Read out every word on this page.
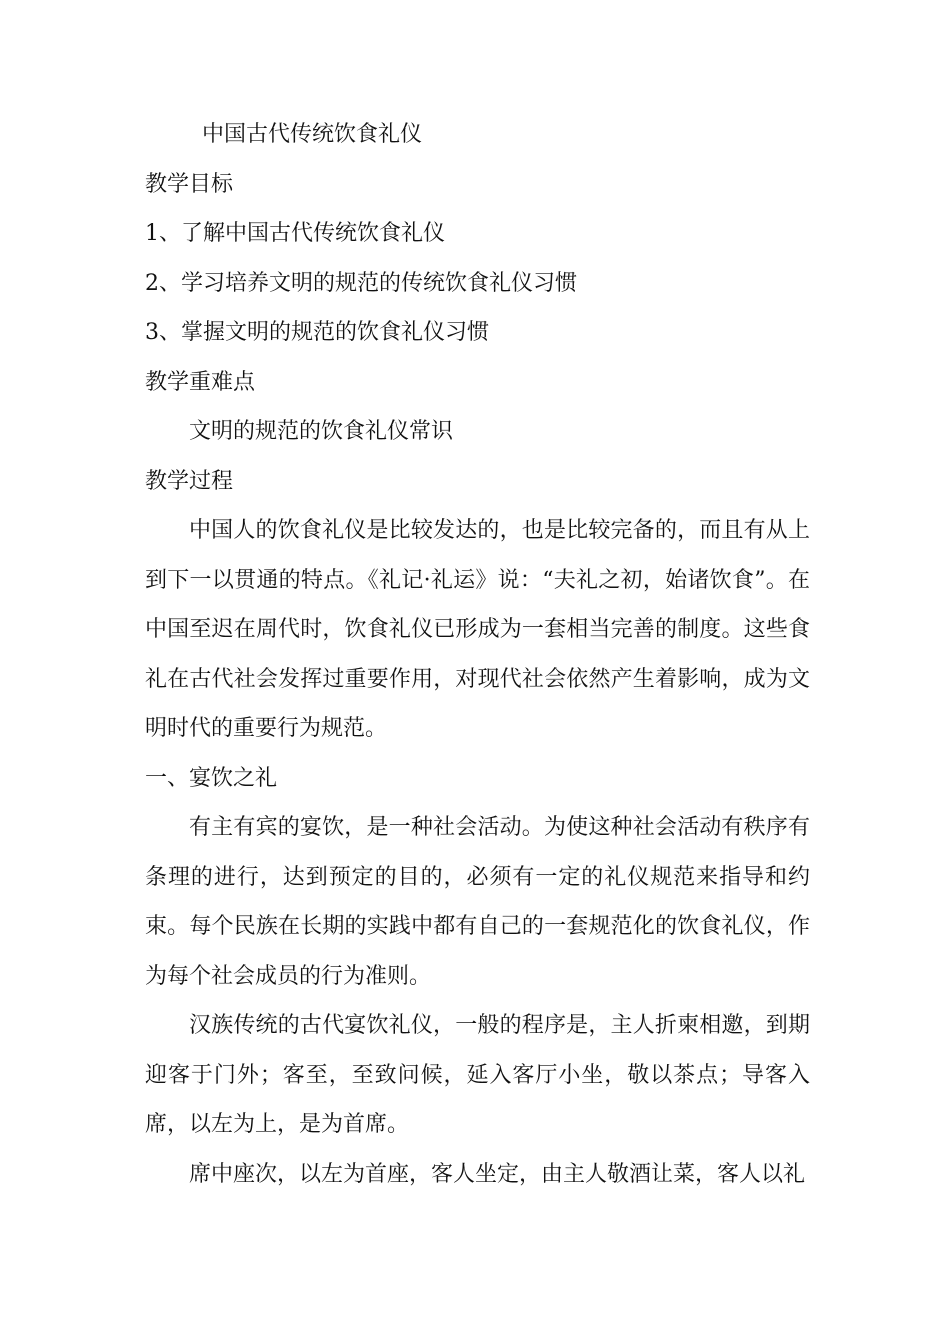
中国古代传统饮食礼仪

教学目标

1、了解中国古代传统饮食礼仪

2、学习培养文明的规范的传统饮食礼仪习惯

3、掌握文明的规范的饮食礼仪习惯

教学重难点

文明的规范的饮食礼仪常识

教学过程

中国人的饮食礼仪是比较发达的，也是比较完备的，而且有从上到下一以贯通的特点。《礼记·礼运》说：“夫礼之初，始诸饮食”。在中国至迟在周代时，饮食礼仪已形成为一套相当完善的制度。这些食礼在古代社会发挥过重要作用，对现代社会依然产生着影响，成为文明时代的重要行为规范。

一、宴饮之礼

有主有宾的宴饮，是一种社会活动。为使这种社会活动有秩序有条理的进行，达到预定的目的，必须有一定的礼仪规范来指导和约束。每个民族在长期的实践中都有自己的一套规范化的饮食礼仪，作为每个社会成员的行为准则。

汉族传统的古代宴饮礼仪，一般的程序是，主人折柬相邀，到期迎客于门外；客至，至致问候，延入客厅小坐，敬以茶点；导客入席，以左为上，是为首席。

席中座次，以左为首座，客人坐定，由主人敬酒让菜，客人以礼
